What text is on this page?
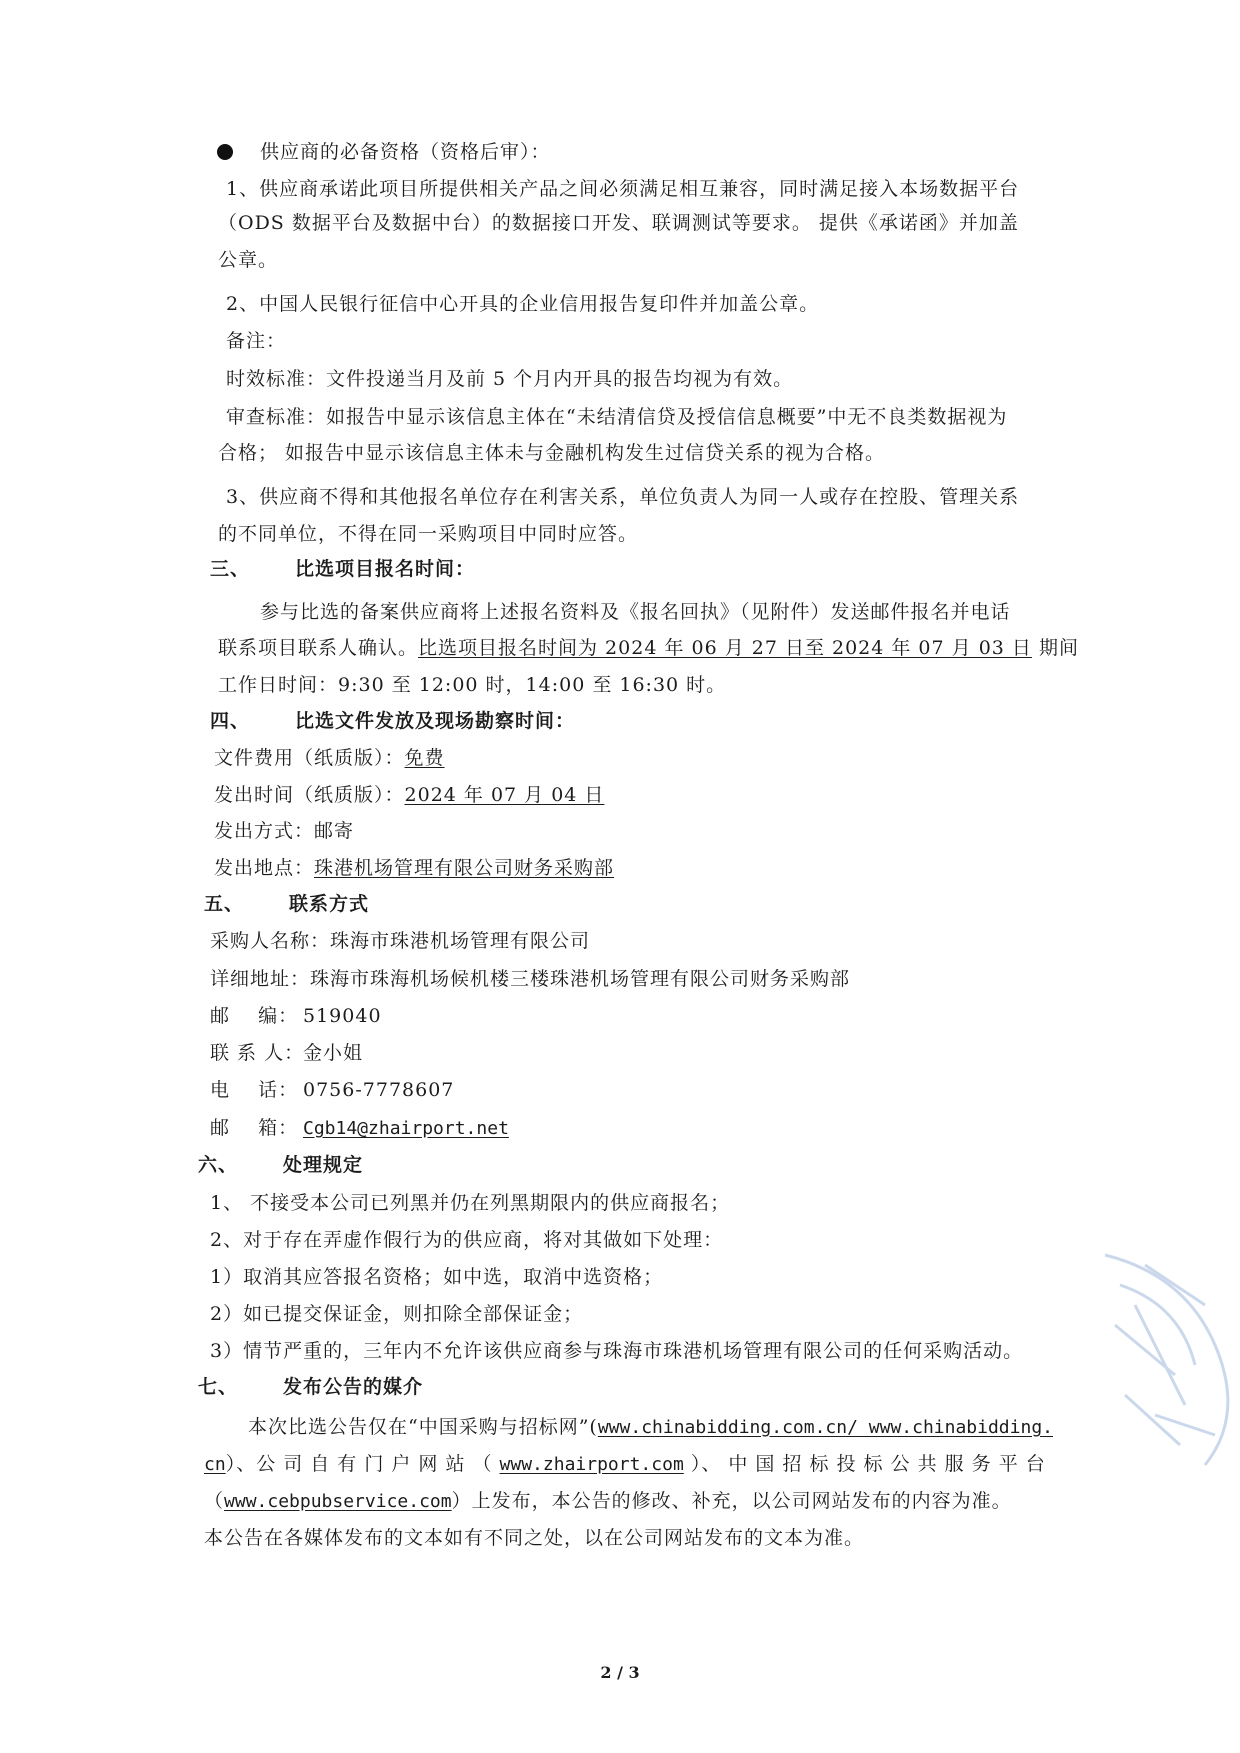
供应商的必备资格（资格后审）：
1、供应商承诺此项目所提供相关产品之间必须满足相互兼容，同时满足接入本场数据平台
（ODS 数据平台及数据中台）的数据接口开发、联调测试等要求。 提供《承诺函》并加盖
公章。
2、中国人民银行征信中心开具的企业信用报告复印件并加盖公章。
备注：
时效标准：文件投递当月及前 5 个月内开具的报告均视为有效。
审查标准：如报告中显示该信息主体在“未结清信贷及授信信息概要”中无不良类数据视为
合格； 如报告中显示该信息主体未与金融机构发生过信贷关系的视为合格。
3、供应商不得和其他报名单位存在利害关系，单位负责人为同一人或存在控股、管理关系
的不同单位，不得在同一采购项目中同时应答。
三、 比选项目报名时间：
参与比选的备案供应商将上述报名资料及《报名回执》（见附件）发送邮件报名并电话
联系项目联系人确认。比选项目报名时间为 2024 年 06 月 27 日至 2024 年 07 月 03 日 期间
工作日时间：9:30 至 12:00 时，14:00 至 16:30 时。
四、 比选文件发放及现场勘察时间：
文件费用（纸质版）：免费
发出时间（纸质版）：2024 年 07 月 04 日
发出方式：邮寄
发出地点：珠港机场管理有限公司财务采购部
五、 联系方式
采购人名称：珠海市珠港机场管理有限公司
详细地址：珠海市珠海机场候机楼三楼珠港机场管理有限公司财务采购部
邮    编： 519040
联 系 人：金小姐
电    话： 0756-7778607
邮    箱： Cgb14@zhairport.net
六、 处理规定
1、 不接受本公司已列黑并仍在列黑期限内的供应商报名；
2、对于存在弄虚作假行为的供应商，将对其做如下处理：
1）取消其应答报名资格；如中选，取消中选资格；
2）如已提交保证金，则扣除全部保证金；
3）情节严重的，三年内不允许该供应商参与珠海市珠港机场管理有限公司的任何采购活动。
七、 发布公告的媒介
本次比选公告仅在“中国采购与招标网”(www.chinabidding.com.cn/ www.chinabidding.
cn）、公 司 自 有 门 户 网 站 （ www.zhairport.com ）、 中 国 招 标 投 标 公 共 服 务 平 台
（www.cebpubservice.com）上发布，本公告的修改、补充，以公司网站发布的内容为准。
本公告在各媒体发布的文本如有不同之处，以在公司网站发布的文本为准。
2 / 3
